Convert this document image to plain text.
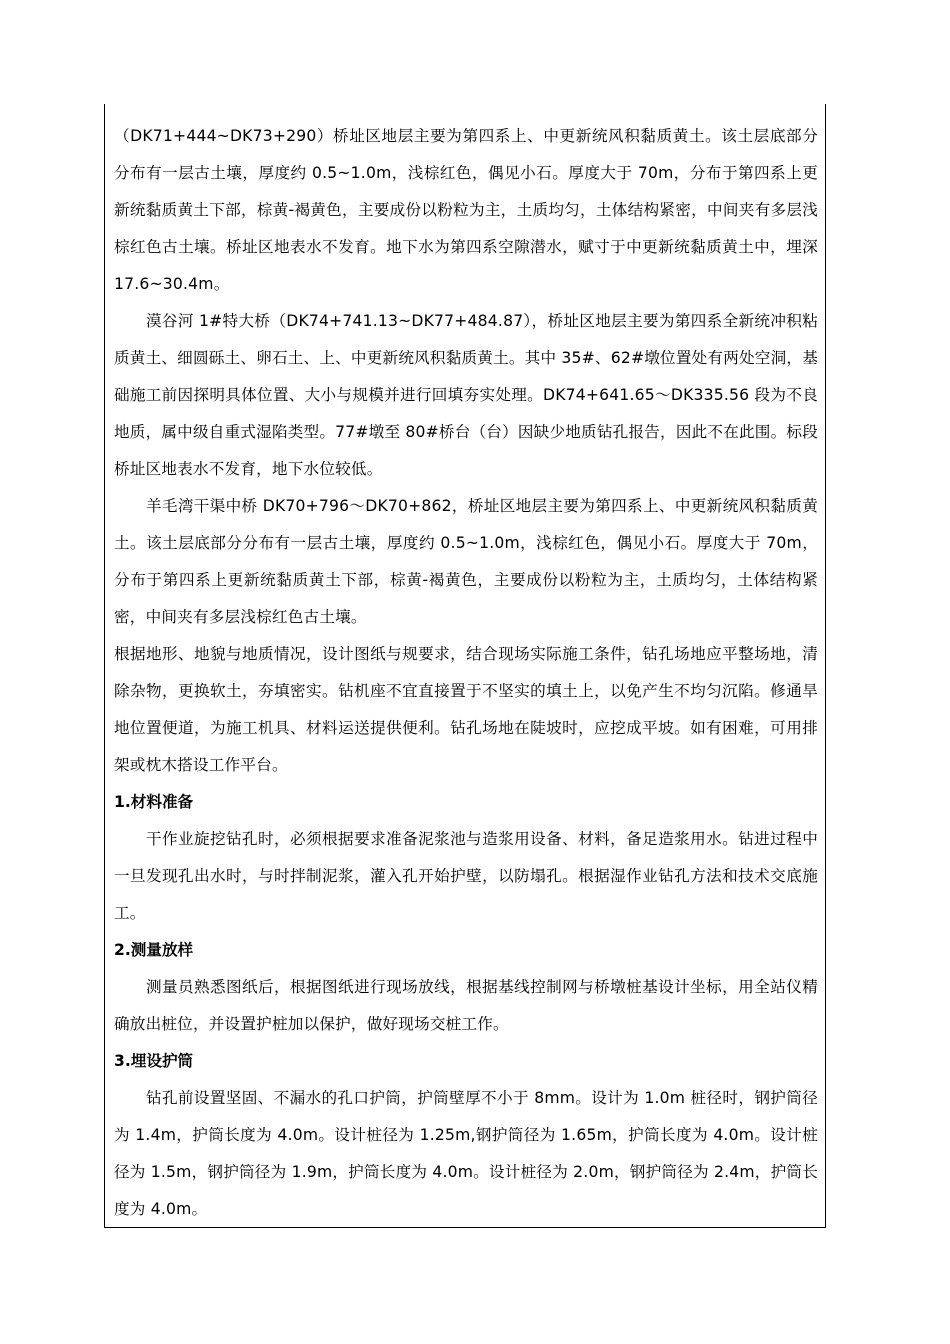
（DK71+444~DK73+290）桥址区地层主要为第四系上、中更新统风积黏质黄土。该土层底部分分布有一层古土壤，厚度约 0.5~1.0m，浅棕红色，偶见小石。厚度大于 70m，分布于第四系上更新统黏质黄土下部，棕黄-褐黄色，主要成份以粉粒为主，土质均匀，土体结构紧密，中间夹有多层浅棕红色古土壤。桥址区地表水不发育。地下水为第四系空隙潜水，赋寸于中更新统黏质黄土中，埋深 17.6~30.4m。

漠谷河 1#特大桥（DK74+741.13~DK77+484.87），桥址区地层主要为第四系全新统冲积粘质黄土、细圆砾土、卵石土、上、中更新统风积黏质黄土。其中 35#、62#墩位置处有两处空洞，基础施工前因探明具体位置、大小与规模并进行回填夯实处理。DK74+641.65～DK335.56 段为不良地质，属中级自重式湿陷类型。77#墩至 80#桥台（台）因缺少地质钻孔报告，因此不在此围。标段桥址区地表水不发育，地下水位较低。

羊毛湾干渠中桥 DK70+796～DK70+862，桥址区地层主要为第四系上、中更新统风积黏质黄土。该土层底部分分布有一层古土壤，厚度约 0.5~1.0m，浅棕红色，偶见小石。厚度大于 70m，分布于第四系上更新统黏质黄土下部，棕黄-褐黄色，主要成份以粉粒为主，土质均匀，土体结构紧密，中间夹有多层浅棕红色古土壤。

根据地形、地貌与地质情况，设计图纸与规要求，结合现场实际施工条件，钻孔场地应平整场地，清除杂物，更换软土，夯填密实。钻机座不宜直接置于不坚实的填土上，以免产生不均匀沉陷。修通旱地位置便道，为施工机具、材料运送提供便利。钻孔场地在陡坡时，应挖成平坡。如有困难，可用排架或枕木搭设工作平台。

1.材料准备

干作业旋挖钻孔时，必须根据要求准备泥浆池与造浆用设备、材料，备足造浆用水。钻进过程中一旦发现孔出水时，与时拌制泥浆，灌入孔开始护壁，以防塌孔。根据湿作业钻孔方法和技术交底施工。

2.测量放样

测量员熟悉图纸后，根据图纸进行现场放线，根据基线控制网与桥墩桩基设计坐标，用全站仪精确放出桩位，并设置护桩加以保护，做好现场交桩工作。

3.埋设护筒

钻孔前设置坚固、不漏水的孔口护筒，护筒壁厚不小于 8mm。设计为 1.0m 桩径时，钢护筒径为 1.4m，护筒长度为 4.0m。设计桩径为 1.25m,钢护筒径为 1.65m，护筒长度为 4.0m。设计桩径为 1.5m，钢护筒径为 1.9m，护筒长度为 4.0m。设计桩径为 2.0m，钢护筒径为 2.4m，护筒长度为 4.0m。
